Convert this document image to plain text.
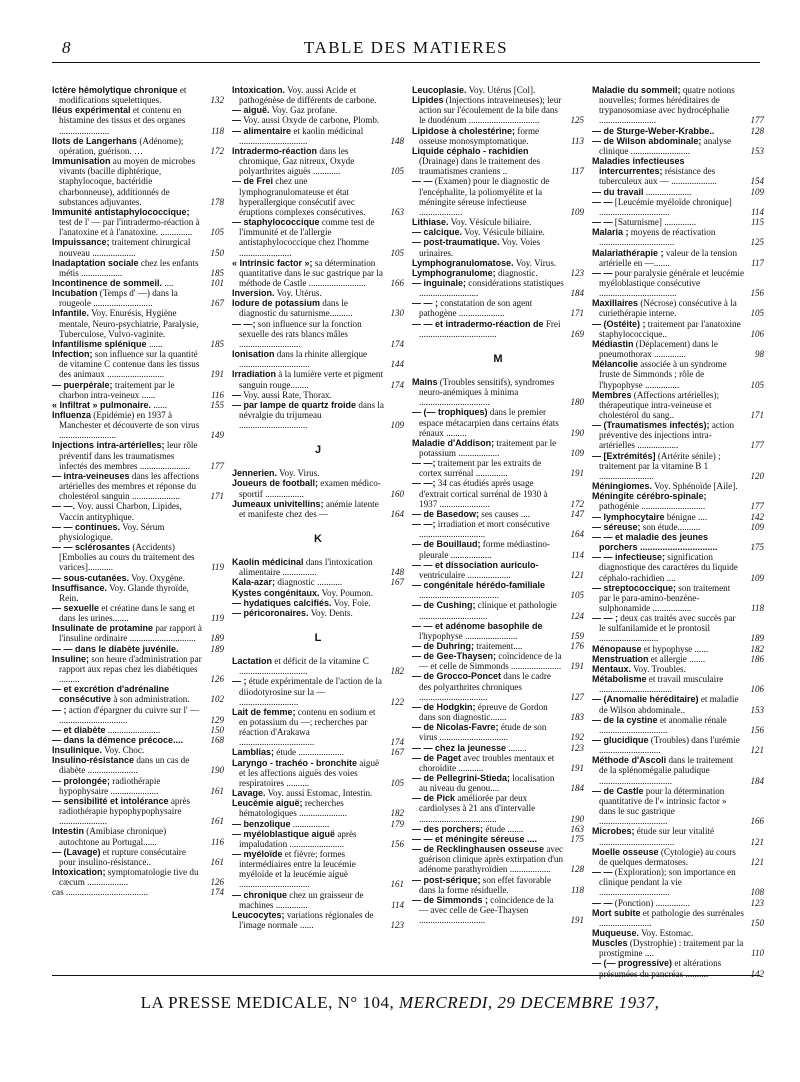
8	TABLE DES MATIERES
Ictère hémolytique chronique et modifications squelettiques.	132
Iléus expérimental et contenu en histamine des tissus et des organes ......................	118
Ilots de Langerhans (Adénome); opération, guérison. …	172
Immunisation au moyen de microbes vivants (bacille diphtérique, staphylocoque, bactéridie charbonneuse), additionnés de substances adjuvantes.	178
Immunité antistaphylococcique; test de l' — par l'intradermo-réaction à l'anatoxine et à l'anatoxine. .............. 105
Impuissance; traitement chirurgical nouveau ...................	150
Inadaptation sociale chez les enfants métis ..................	185
Incontinence de sommeil. ....	101
Incubation (Temps d' —) dans la rougeole ..........................	167
Infantile. Voy. Enurésis, Hygiène mentale, Neuro-psychiatrie, Paralysie, Tuberculose, Vulvo-vaginite.
Infantilisme splénique ......	185
Infection; son influence sur la quantité de vitamine C contenue dans les tissus des animaux .........................	191
— puerpérale; traitement par le charbon intra-veineux ......	116
« Infiltrat » pulmonaire. ......	155
Influenza (Epidémie) en 1937 à Manchester et découverte de son virus .........................	149
Injections intra-artérielles; leur rôle préventif dans les traumatismes infectés des membres ...................... 177
— intra-veineuses dans les affections artérielles des membres et réponse du cholestérol sanguin .....................	171
— —. Voy. aussi Charbon, Lipides, Vaccin antityphique.
— — continues. Voy. Sérum physiologique.
— — sclérosantes (Accidents) [Embolies au cours du traitement des varices]...........	119
— sous-cutanées. Voy. Oxygène.
Insuffisance. Voy. Glande thyroïde, Rein.
— sexuelle et créatine dans le sang et dans les urines.......	119
Insulinate de protamine par rapport à l'insuline ordinaire ............................. 189
— — dans le diabète juvénile.	189
Insuline; son heure d'administration par rapport aux repas chez les diabétiques .........	126
— et excrétion d'adrénaline consécutive à son administration. 102
— ; action d'épargner du cuivre sur l' — ..............................	129
— et diabète .......................	150
— dans la démence précoce....	168
Insulinique. Voy. Choc.
Insulino-résistance dans un cas de diabète ......................	190
— prolongée; radiothérapie hypophysaire .....................	161
— sensibilité et intolérance après radiothérapie hypophypophysaire .....................	161
Intestin (Amibiase chronique) autochtone au Portugal......	116
— (Lavage) et rupture consécutaire pour insulino-résistance..	161
Intoxication; symptomatologie tive du cæcum ..................	126
cas ....................................	174
Intoxication. Voy. aussi Acide et pathogénèse de différents de carbone.
— aiguë. Voy. Gaz profane.
— Voy. aussi Oxyde de carbone, Plomb.
— alimentaire et kaolin médicinal ..............................	148
Intradermo-réaction dans les chromique, Gaz nitreux, Oxyde polyarthrites aiguës ............	105
— de Frei chez une lymphogranulomateuse et état hyperallergique consécutif avec éruptions complexes consécutives.	163
— staphylococcique comme test de l'immunité et de l'allergie antistaphylococcique chez l'homme .......................	105
« Intrinsic factor »; sa détermination quantitative dans le suc gastrique par la méthode de Castle .........................	166
Inversion. Voy. Utérus.
Iodure de potassium dans le diagnostic du saturnisme..........	130
— —; son influence sur la fonction sexuelle des rats blancs mâles ...........................	174
Ionisation dans la rhinite allergique ...............................	144
Irradiation à la lumière verte et pigment sanguin rouge........	174
— Voy. aussi Rate, Thorax.
— par lampe de quartz froide dans la névralgie du trijumeau ..............................	109
J
Jennerien. Voy. Virus.
Joueurs de football; examen médico-sportif .................	160
Jumeaux univitellins; anémie latente et manifeste chez des —	164
K
Kaolin médicinal dans l'intoxication alimentaire ...............	148
Kala-azar; diagnostic ...........	167
Kystes congénitaux. Voy. Poumon.
— hydatiques calcifiés. Voy. Foie.
— péricoronaires. Voy. Dents.
L
Lactation et déficit de la vitamine C ..............................	182
— ; étude expérimentale de l'action de la diiodotyrosine sur la — ..........................	122
Lait de femme; contenu en sodium et en potassium du —; recherches par réaction d'Arakawa .................................	174
Lamblias; étude ....................	167
Laryngo - trachéo - bronchite aiguë et les affections aiguës des voies respiratoires ..........	105
Lavage. Voy. aussi Estomac, Intestin.
Leucémie aiguë; recherches hématologiques .....................	182
— benzolique ................	179
— myéloblastique aiguë après impaludation ........................	156
— myéloïde et fièvre; formes intermédiaires entre la leucémie myéloïde et la leucémie aiguë ...............................	161
— chronique chez un graisseur de machines ..............	114
Leucocytes; variations régionales de l'image normale ......	123
Leucoplasie. Voy. Utérus [Col].
Lipides (Injections intraveineuses); leur action sur l'écoulement de la bile dans le duodénum ...............................	125
Lipidose à cholestérine; forme osseuse monosymptomatique.	113
Liquide céphalo - rachidien (Drainage) dans le traitement des traumatismes craniens ..	117
— — (Examen) pour le diagnostic de l'encéphalite, la poliomyélite et la méningite séreuse infectieuse ...................	109
Lithiase. Voy. Vésicule biliaire.
— calcique. Voy. Vésicule biliaire.
— post-traumatique. Voy. Voies urinaires.
Lymphogranulomatose. Voy. Virus.
Lymphogranulome; diagnostic.	123
— inguinale; considérations statistiques ..........................	184
— — ; constatation de son agent pathogène ....................	171
— — et intradermo-réaction de Frei ..................................	169
M
Mains (Troubles sensitifs), syndromes neuro-anémiques à minima ...............................	180
— (— trophiques) dans le premier espace métacarpien dans certains états rénaux .........	190
Maladie d'Addison; traitement par le potassium ..................	109
— —; traitement par les extraits de cortex surrénal ..............	191
— —; 34 cas étudiés après usage d'extrait cortical surrénal de 1930 à 1937 ......................	172
— de Basedow; ses causes ....	147
— —; irradiation et mort consécutive .............................	164
— de Bouillaud; forme médiastino-pleurale ..................	114
— — et dissociation auriculo- ventriculaire ...................	121
— congénitale hérédo-familiale ...................................	105
— de Cushing; clinique et pathologie ..............................	124
— — et adénome basophile de l'hypophyse .......................	159
— de Duhring; traitement....	176
— de Gee-Thaysen; coïncidence de la — et celle de Simmonds ...................... 191
— de Grocco-Poncet dans le cadre des polyarthrites chroniques ..............................	127
— de Hodgkin; épreuve de Gordon dans son diagnostic.......	183
— de Nicolas-Favre; étude de son virus ..............................	192
— — chez la jeunesse ........	123
— de Paget avec troubles mentaux et choroïdite ...........	191
— de Pellegrini-Stieda; localisation au niveau du genou....	184
— de Pick améliorée par deux cardiolyses à 21 ans d'intervalle ..................................	190
— des porchers; étude .......	163
— — et méningite séreuse ....	175
— de Recklinghausen osseuse avec guérison clinique après extirpation d'un adénome parathyroïdien .................. 128
— post-sérique; son effet favorable dans la forme résiduelle.	118
— de Simmonds ; coïncidence de la — avec celle de Gee-Thaysen .............................	191
Maladie du sommeil; quatre notions nouvelles; formes héréditaires de trypanosomiase avec hydrocéphalie .........................	177
— de Sturge-Weber-Krabbe..	128
— de Wilson abdominale; analyse clinique ..........................	153
Maladies infectieuses intercurrentes; résistance des tuberculeux aux — ....................	154
— du travail ....................	109
— — [Leucémie myéloïde chronique] ...............................	114
— — [Saturnisme] ..............	115
Malaria ; moyens de réactivation .................................	125
Malariathérapie ; valeur de la tension artérielle en —.......	117
— — pour paralysie générale et leucémie myéloblastique consécutive ..................................	156
Maxillaires (Nécrose) consécutive à la curiethérapie interne.	105
— (Ostéite) ; traitement par l'anatoxine staphylococcique..	106
Médiastin (Déplacement) dans le pneumothorax ..............	98
Mélancolie associée à un syndrome fruste de Simmonds ; rôle de l'hypophyse ...............	105
Membres (Affections artérielles); thérapeutique intra-veineuse et cholestérol du sang..	171
— (Traumatismes infectés); action préventive des injections intra-artérielles ..................	177
— [Extrémités] (Artérite sénile) ; traitement par la vitamine B 1 ........................	120
Méningiomes. Voy. Sphénoïde [Aile].
Méningite cérébro-spinale; pathogénie ............................	177
— lymphocytaire bénigne ....	142
— séreuse; son étude..........	109
— — et maladie des jeunes porchers ...............................	175
— — infectieuse; signification diagnostique des caractères du liquide céphalo-rachidien ....	109
— streptococcique; son traitement par le para-amino-benzène-sulphonamide .................	118
— — ; deux cas traités avec succès par le sulfanilamide et le prontosil ..........................	189
Ménopause et hypophyse ......	182
Menstruation et allergie .......	186
Mentaux. Voy. Troubles.
Métabolisme et travail musculaire ................................	106
— (Anomalie héréditaire) et maladie de Wilson abdominale..	153
— de la cystine et anomalie rénale ..............................	156
— glucidique (Troubles) dans l'urémie ...........................	121
Méthode d'Ascoli dans le traitement de la splénomégalie paludique ................................	184
— de Castle pour la détermination quantitative de l'« intrinsic factor » dans le suc gastrique ..............................	166
Microbes; étude sur leur vitalité .................................	121
Moelle osseuse (Cytologie) au cours de quelques dermatoses.	121
— — (Exploration); son importance en clinique pendant la vie ...............................	108
— — (Ponction) ...............	123
Mort subite et pathologie des surrénales .......................	150
Muqueuse. Voy. Estomac.
Muscles (Dystrophie) : traitement par la prostigmine ....	110
— (— progressive) et altérations présumées du pancréas ..........	142
LA PRESSE MEDICALE, N° 104, MERCREDI, 29 DECEMBRE 1937,
